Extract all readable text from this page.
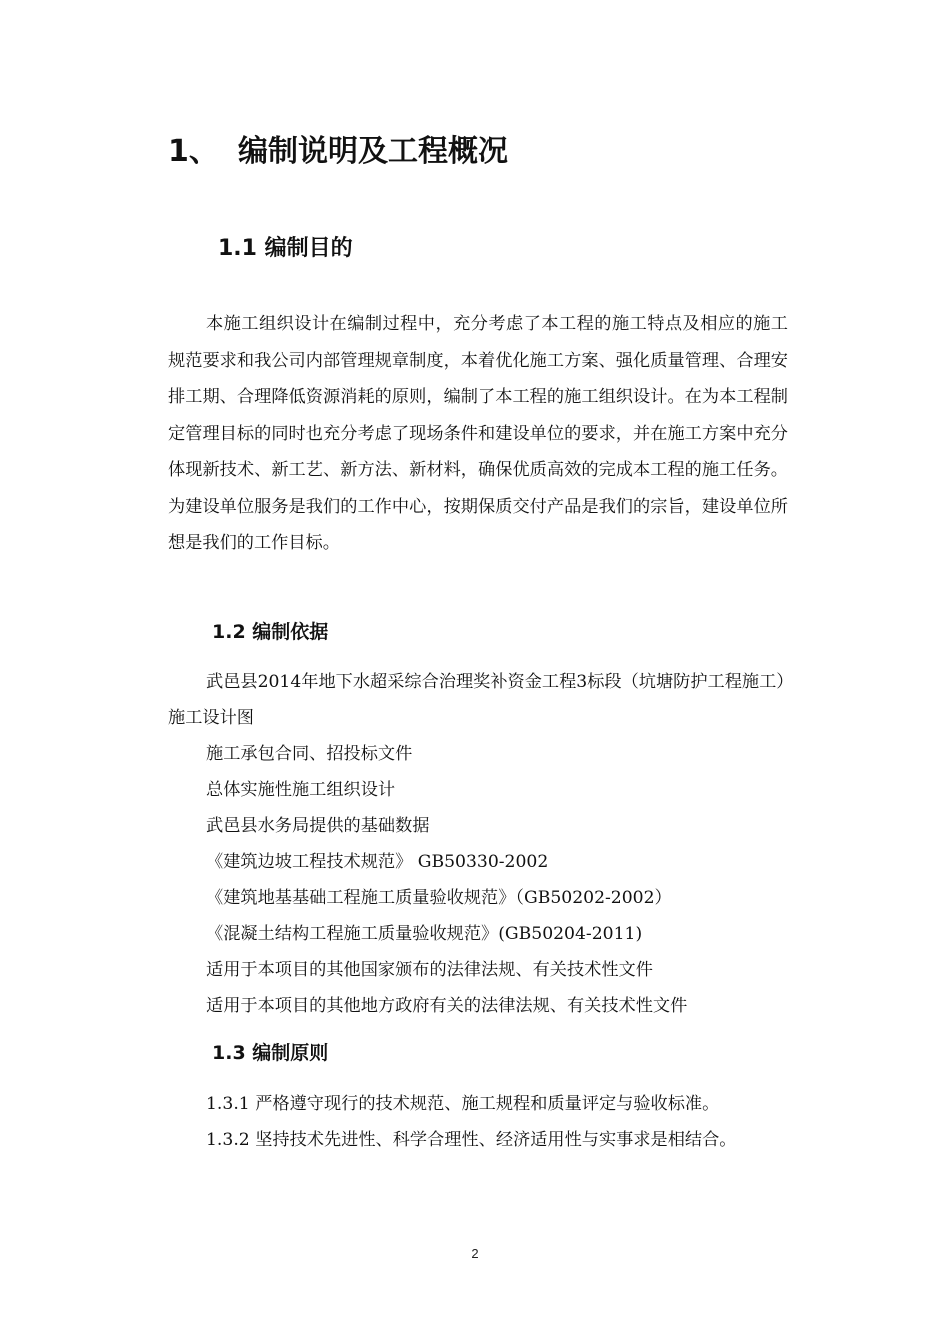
1、 编制说明及工程概况
1.1 编制目的

本施工组织设计在编制过程中，充分考虑了本工程的施工特点及相应的施工规范要求和我公司内部管理规章制度，本着优化施工方案、强化质量管理、合理安排工期、合理降低资源消耗的原则，编制了本工程的施工组织设计。在为本工程制定管理目标的同时也充分考虑了现场条件和建设单位的要求，并在施工方案中充分体现新技术、新工艺、新方法、新材料，确保优质高效的完成本工程的施工任务。为建设单位服务是我们的工作中心，按期保质交付产品是我们的宗旨，建设单位所想是我们的工作目标。

1.2 编制依据
武邑县2014年地下水超采综合治理奖补资金工程3标段（坑塘防护工程施工）施工设计图
施工承包合同、招投标文件
总体实施性施工组织设计
武邑县水务局提供的基础数据
《建筑边坡工程技术规范》 GB50330-2002
《建筑地基基础工程施工质量验收规范》（GB50202-2002）
《混凝土结构工程施工质量验收规范》(GB50204-2011)
适用于本项目的其他国家颁布的法律法规、有关技术性文件
适用于本项目的其他地方政府有关的法律法规、有关技术性文件
1.3 编制原则
1.3.1 严格遵守现行的技术规范、施工规程和质量评定与验收标准。
1.3.2 坚持技术先进性、科学合理性、经济适用性与实事求是相结合。
2
